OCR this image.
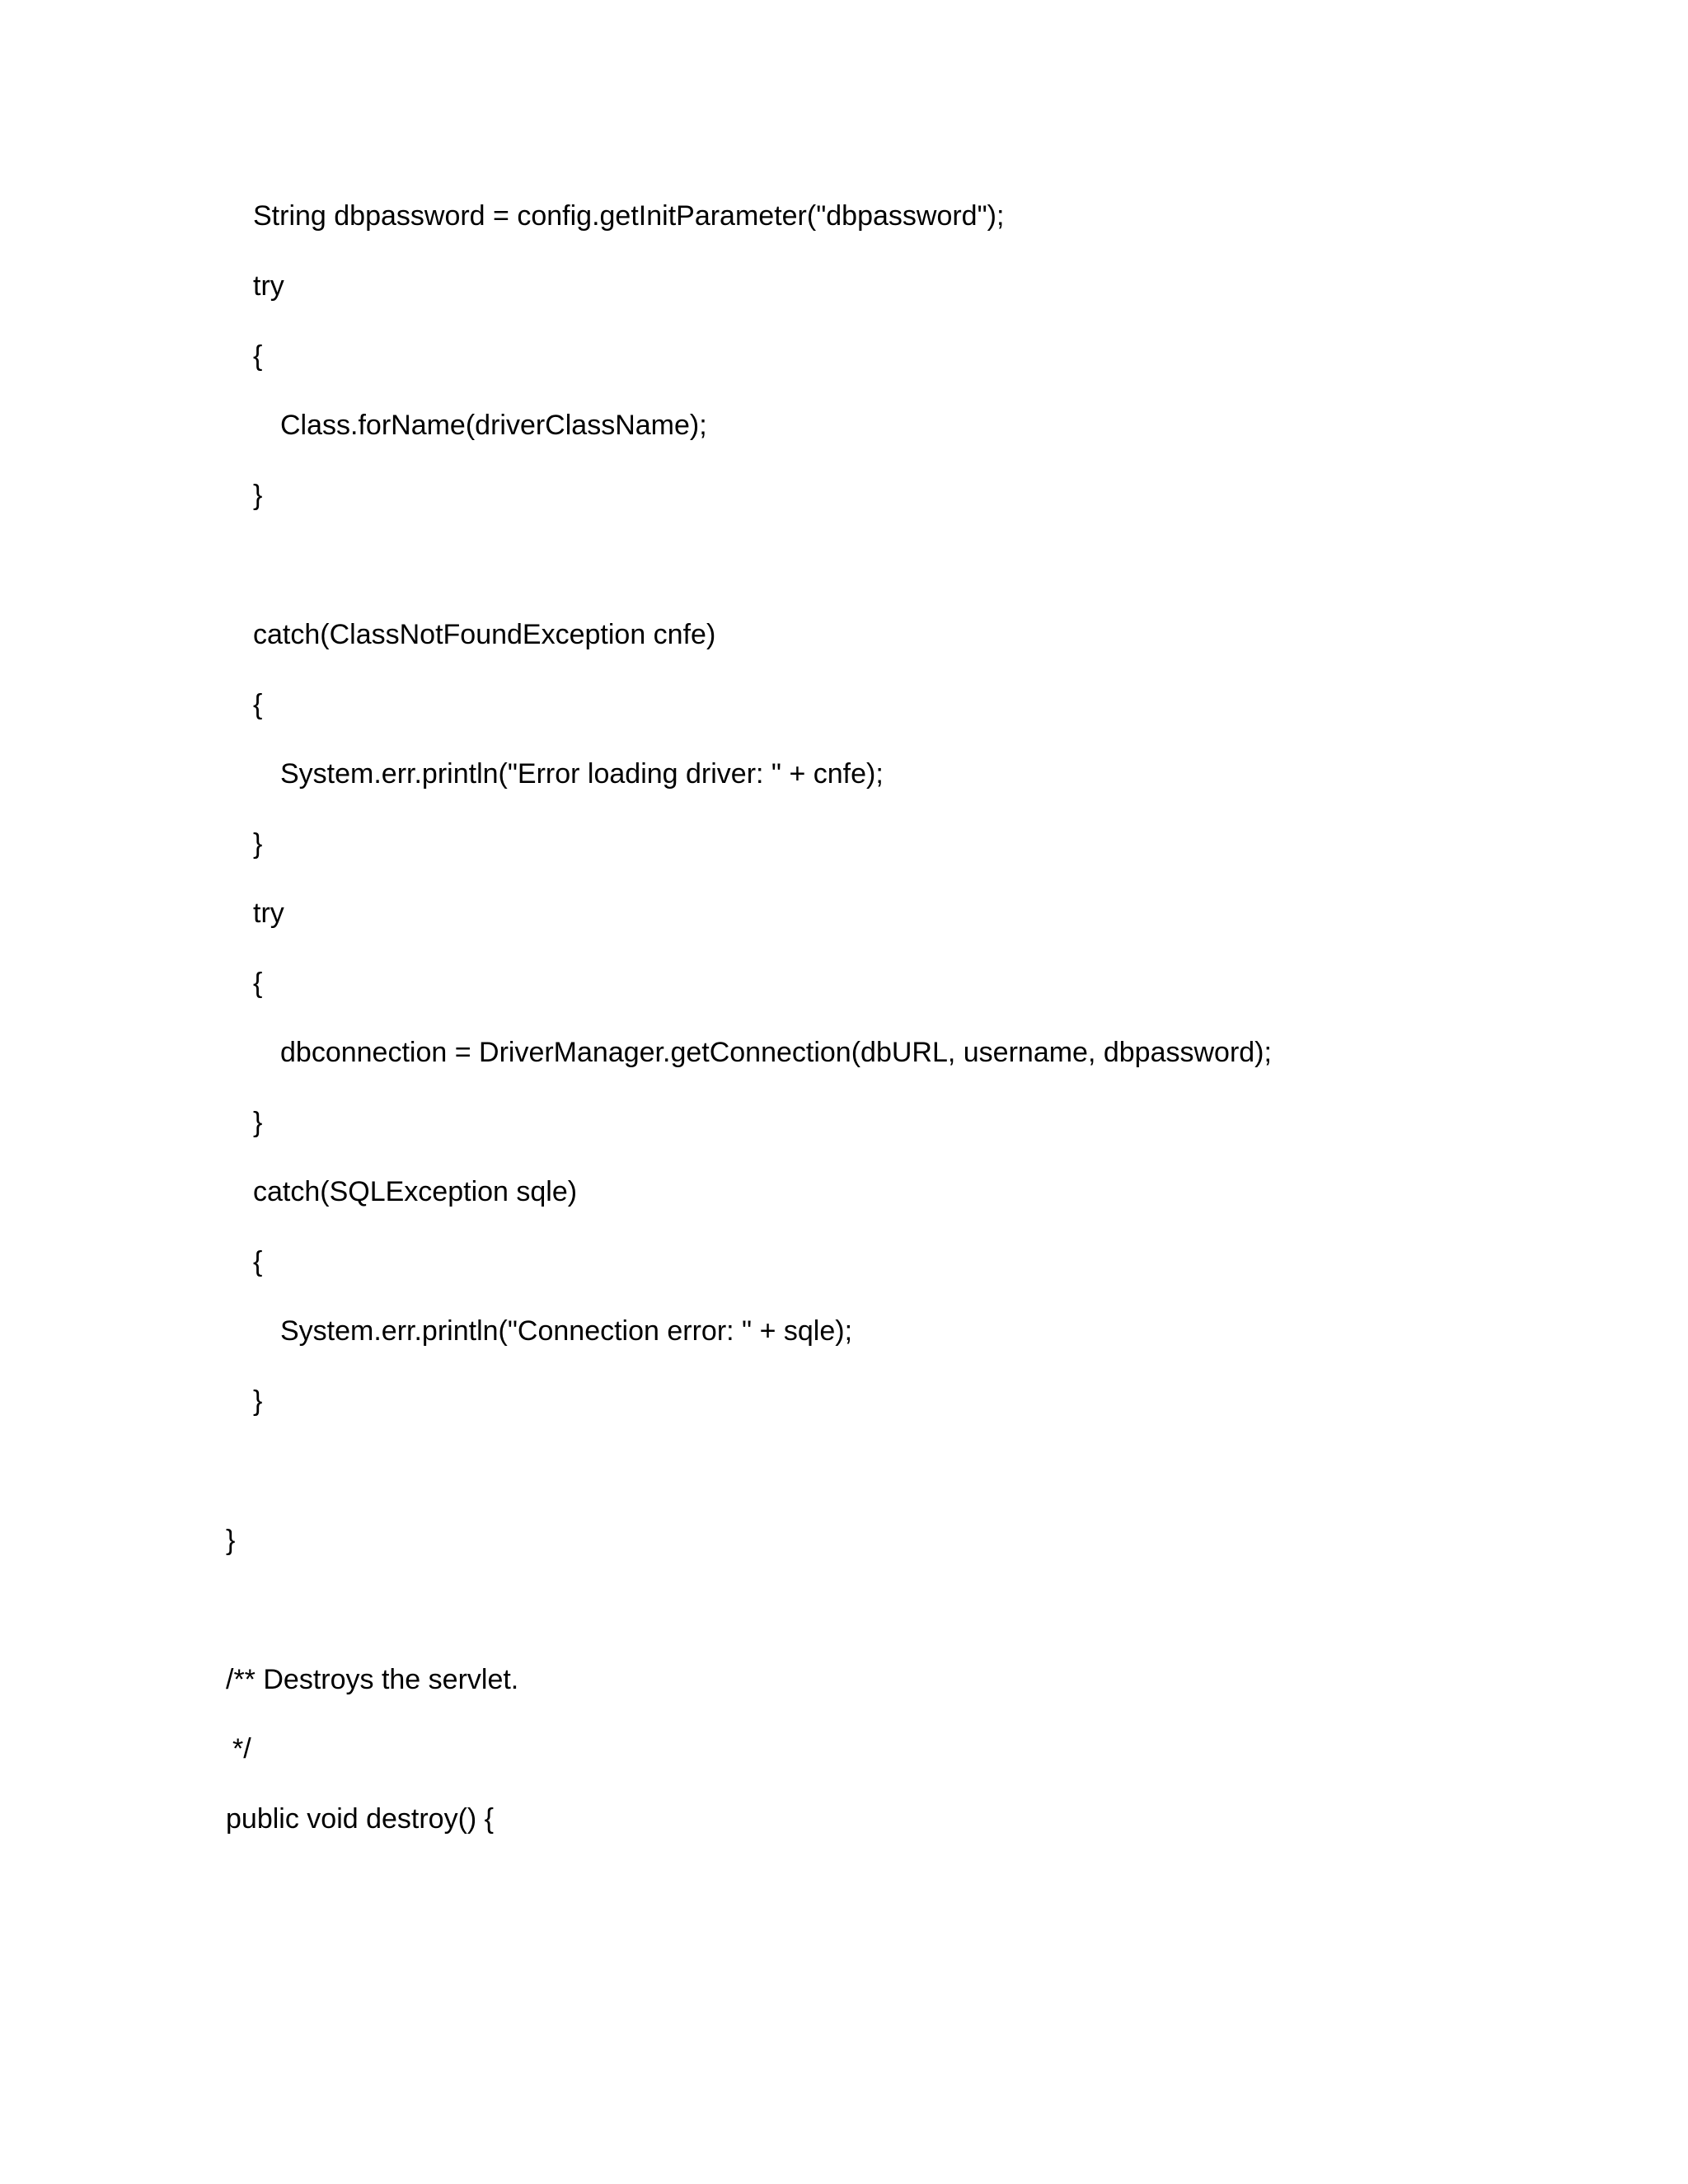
String dbpassword = config.getInitParameter("dbpassword");
try
{
Class.forName(driverClassName);
}
catch(ClassNotFoundException cnfe)
{
System.err.println("Error loading driver: " + cnfe);
}
try
{
dbconnection = DriverManager.getConnection(dbURL, username, dbpassword);
}
catch(SQLException sqle)
{
System.err.println("Connection error: " + sqle);
}
}
/** Destroys the servlet.
*/
public void destroy() {
